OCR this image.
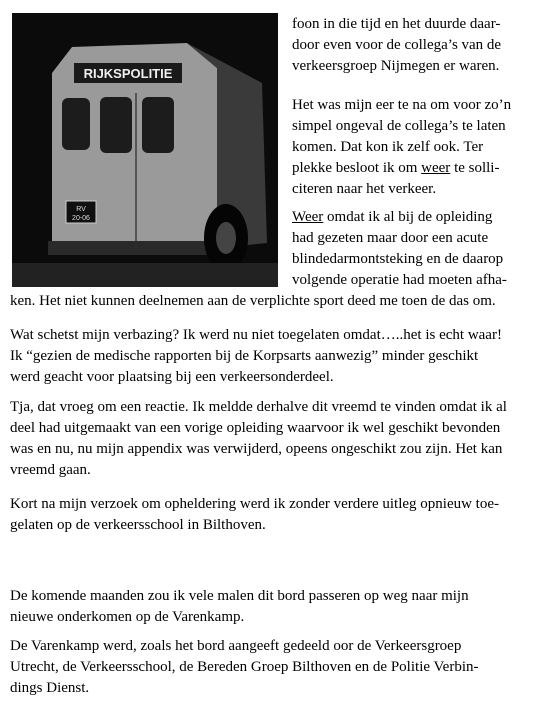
RIJKSPOLITIE
RV
20-06

foon in die tijd en het duurde daar-
door even voor de collega’s van de
verkeersgroep Nijmegen er waren.

Het was mijn eer te na om voor zo’n
simpel ongeval de collega’s te laten
komen. Dat kon ik zelf ook. Ter
plekke besloot ik om weer te solli-
citeren naar het verkeer.

Weer omdat ik al bij de opleiding
had gezeten maar door een acute
blindedarmontsteking en de daarop
volgende operatie had moeten afha-

ken. Het niet kunnen deelnemen aan de verplichte sport deed me toen de das om.

Wat schetst mijn verbazing? Ik werd nu niet toegelaten omdat…..het is echt waar!
Ik “gezien de medische rapporten bij de Korpsarts aanwezig” minder geschikt
werd geacht voor plaatsing bij een verkeersonderdeel.

Tja, dat vroeg om een reactie. Ik meldde derhalve dit vreemd te vinden omdat ik al
deel had uitgemaakt van een vorige opleiding waarvoor ik wel geschikt bevonden
was en nu, nu mijn appendix was verwijderd, opeens ongeschikt zou zijn. Het kan
vreemd gaan.

Kort na mijn verzoek om opheldering werd ik zonder verdere uitleg opnieuw toe-
gelaten op de verkeersschool in Bilthoven.

De komende maanden zou ik vele malen dit bord passeren op weg naar mijn
nieuwe onderkomen op de Varenkamp.

De Varenkamp werd, zoals het bord aangeeft gedeeld oor de Verkeersgroep
Utrecht, de Verkeersschool, de Bereden Groep Bilthoven en de Politie Verbin-
dings Dienst.
